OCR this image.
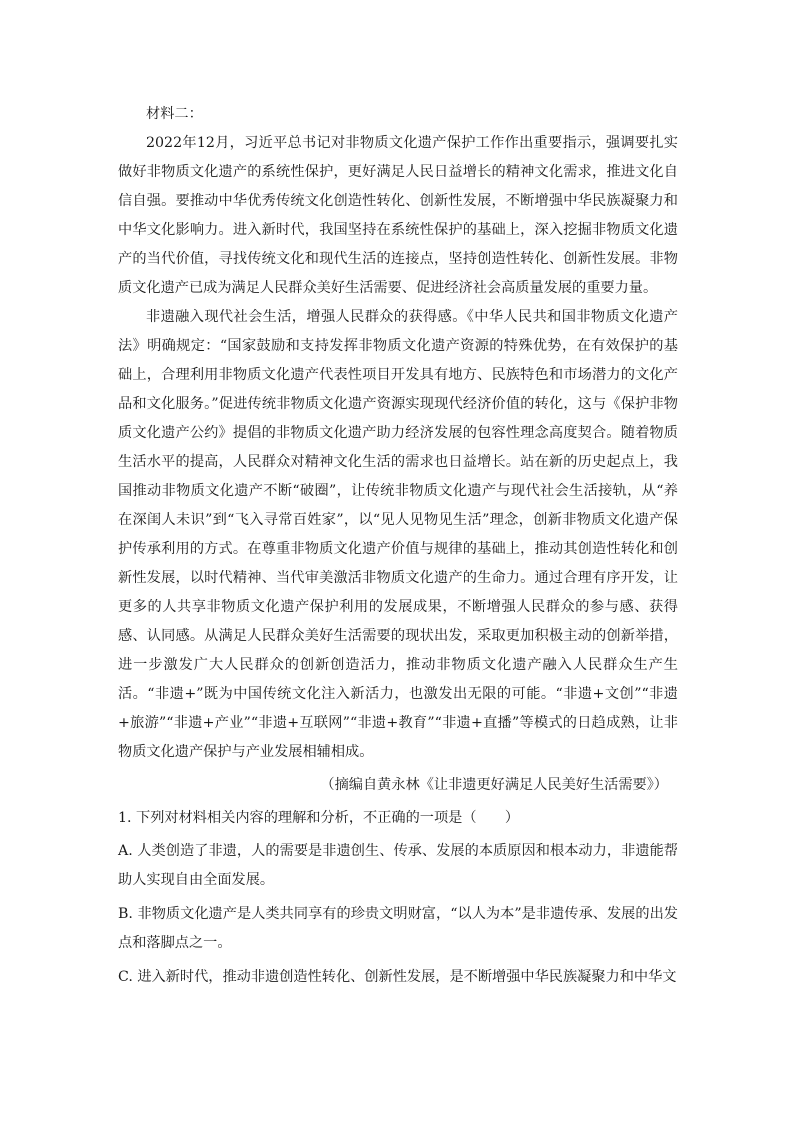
材料二：

2022年12月，习近平总书记对非物质文化遗产保护工作作出重要指示，强调要扎实做好非物质文化遗产的系统性保护，更好满足人民日益增长的精神文化需求，推进文化自信自强。要推动中华优秀传统文化创造性转化、创新性发展，不断增强中华民族凝聚力和中华文化影响力。进入新时代，我国坚持在系统性保护的基础上，深入挖掘非物质文化遗产的当代价值，寻找传统文化和现代生活的连接点，坚持创造性转化、创新性发展。非物质文化遗产已成为满足人民群众美好生活需要、促进经济社会高质量发展的重要力量。

非遗融入现代社会生活，增强人民群众的获得感。《中华人民共和国非物质文化遗产法》明确规定：“国家鼓励和支持发挥非物质文化遗产资源的特殊优势，在有效保护的基础上，合理利用非物质文化遗产代表性项目开发具有地方、民族特色和市场潜力的文化产品和文化服务。”促进传统非物质文化遗产资源实现现代经济价值的转化，这与《保护非物质文化遗产公约》提倡的非物质文化遗产助力经济发展的包容性理念高度契合。随着物质生活水平的提高，人民群众对精神文化生活的需求也日益增长。站在新的历史起点上，我国推动非物质文化遗产不断“破圈”，让传统非物质文化遗产与现代社会生活接轨，从“养在深闺人未识”到“飞入寻常百姓家”，以“见人见物见生活”理念，创新非物质文化遗产保护传承利用的方式。在尊重非物质文化遗产价值与规律的基础上，推动其创造性转化和创新性发展，以时代精神、当代审美激活非物质文化遗产的生命力。通过合理有序开发，让更多的人共享非物质文化遗产保护利用的发展成果，不断增强人民群众的参与感、获得感、认同感。从满足人民群众美好生活需要的现状出发，采取更加积极主动的创新举措，进一步激发广大人民群众的创新创造活力，推动非物质文化遗产融入人民群众生产生活。“非遗+”既为中国传统文化注入新活力，也激发出无限的可能。“非遗+文创”“非遗+旅游”“非遗+产业”“非遗+互联网”“非遗+教育”“非遗+直播”等模式的日趋成熟，让非物质文化遗产保护与产业发展相辅相成。

（摘编自黄永林《让非遗更好满足人民美好生活需要》）

1. 下列对材料相关内容的理解和分析，不正确的一项是（　　）

A. 人类创造了非遗，人的需要是非遗创生、传承、发展的本质原因和根本动力，非遗能帮助人实现自由全面发展。

B. 非物质文化遗产是人类共同享有的珍贵文明财富，“以人为本”是非遗传承、发展的出发点和落脚点之一。

C. 进入新时代，推动非遗创造性转化、创新性发展，是不断增强中华民族凝聚力和中华文
